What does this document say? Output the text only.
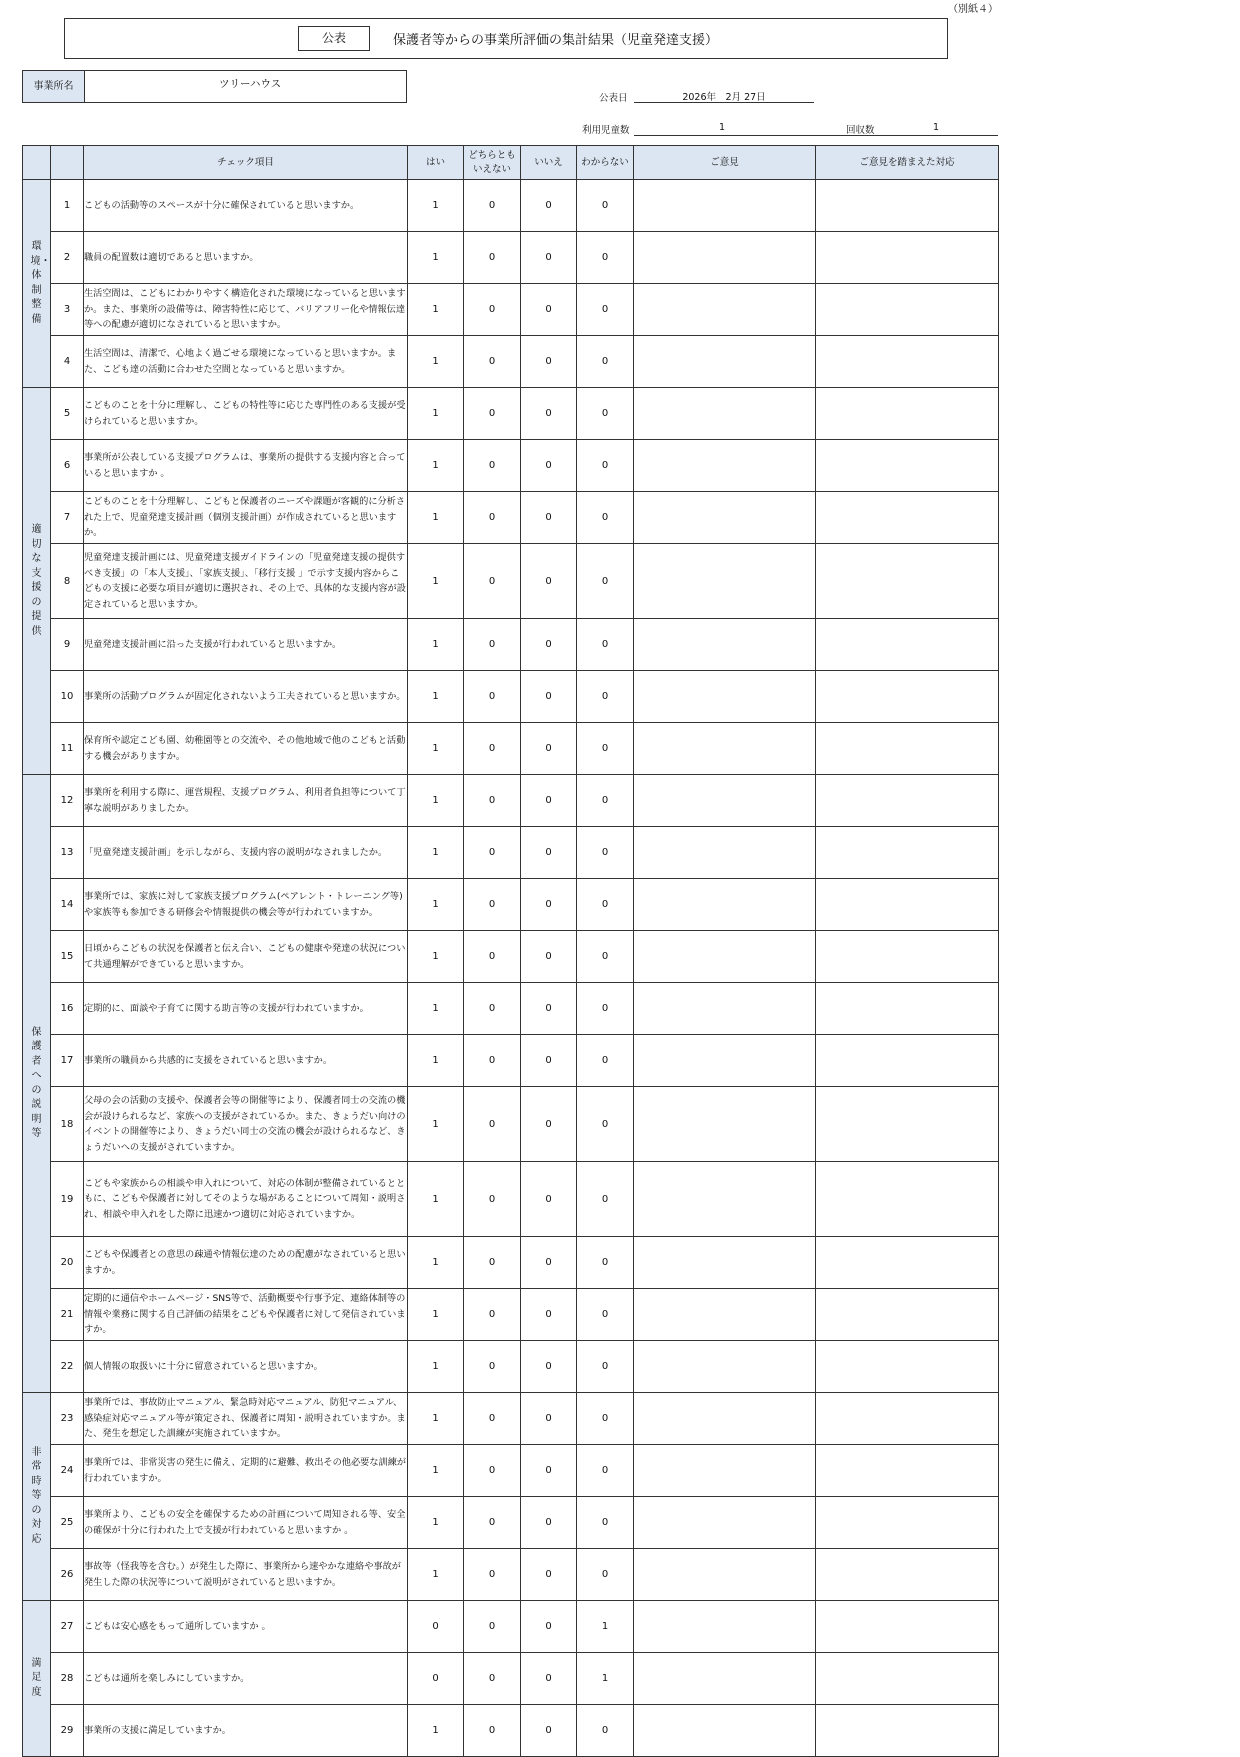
（別紙４）
公表	保護者等からの事業所評価の集計結果（児童発達支援）
事業所名	ツリーハウス
公表日	2026年　2月 27日
利用児童数	1	回収数	1
		チェック項目	はい	どちらとも
いえない	いいえ	わからない	ご意見	ご意見を踏まえた対応
環境・体制整備	1	こどもの活動等のスペースが十分に確保されていると思いますか。	1	0	0	0		
	2	職員の配置数は適切であると思いますか。	1	0	0	0		
	3	生活空間は、こどもにわかりやすく構造化された環境になっていると思いますか。また、事業所の設備等は、障害特性に応じて、バリアフリー化や情報伝達等への配慮が適切になされていると思いますか。	1	0	0	0		
	4	生活空間は、清潔で、心地よく過ごせる環境になっていると思いますか。また、こども達の活動に合わせた空間となっていると思いますか。	1	0	0	0		
適切な支援の提供	5	こどものことを十分に理解し、こどもの特性等に応じた専門性のある支援が受けられていると思いますか。	1	0	0	0		
	6	事業所が公表している支援プログラムは、事業所の提供する支援内容と合っていると思いますか 。	1	0	0	0		
	7	こどものことを十分理解し、こどもと保護者のニーズや課題が客観的に分析された上で、児童発達支援計画（個別支援計画）が作成されていると思いますか。	1	0	0	0		
	8	児童発達支援計画には、児童発達支援ガイドラインの「児童発達支援の提供すべき支援」の「本人支援」、「家族支援」、「移行支援 」で示す支援内容からこどもの支援に必要な項目が適切に選択され、その上で、具体的な支援内容が設定されていると思いますか。	1	0	0	0		
	9	児童発達支援計画に沿った支援が行われていると思いますか。	1	0	0	0		
	10	事業所の活動プログラムが固定化されないよう工夫されていると思いますか。	1	0	0	0		
	11	保育所や認定こども園、幼稚園等との交流や、その他地域で他のこどもと活動する機会がありますか。	1	0	0	0		
保護者への説明等	12	事業所を利用する際に、運営規程、支援プログラム、利用者負担等について丁寧な説明がありましたか。	1	0	0	0		
	13	「児童発達支援計画」を示しながら、支援内容の説明がなされましたか。	1	0	0	0		
	14	事業所では、家族に対して家族支援プログラム(ペアレント・トレーニング等)や家族等も参加できる研修会や情報提供の機会等が行われていますか。	1	0	0	0		
	15	日頃からこどもの状況を保護者と伝え合い、こどもの健康や発達の状況について共通理解ができていると思いますか。	1	0	0	0		
	16	定期的に、面談や子育てに関する助言等の支援が行われていますか。	1	0	0	0		
	17	事業所の職員から共感的に支援をされていると思いますか。	1	0	0	0		
	18	父母の会の活動の支援や、保護者会等の開催等により、保護者同士の交流の機会が設けられるなど、家族への支援がされているか。また、きょうだい向けのイベントの開催等により、きょうだい同士の交流の機会が設けられるなど、きょうだいへの支援がされていますか。	1	0	0	0		
	19	こどもや家族からの相談や申入れについて、対応の体制が整備されているとともに、こどもや保護者に対してそのような場があることについて周知・説明され、相談や申入れをした際に迅速かつ適切に対応されていますか。	1	0	0	0		
	20	こどもや保護者との意思の疎通や情報伝達のための配慮がなされていると思いますか。	1	0	0	0		
	21	定期的に通信やホームページ・SNS等で、活動概要や行事予定、連絡体制等の情報や業務に関する自己評価の結果をこどもや保護者に対して発信されていますか。	1	0	0	0		
	22	個人情報の取扱いに十分に留意されていると思いますか。	1	0	0	0		
非常時等の対応	23	事業所では、事故防止マニュアル、緊急時対応マニュアル、防犯マニュアル、感染症対応マニュアル等が策定され、保護者に周知・説明されていますか。また、発生を想定した訓練が実施されていますか。	1	0	0	0		
	24	事業所では、非常災害の発生に備え、定期的に避難、救出その他必要な訓練が行われていますか。	1	0	0	0		
	25	事業所より、こどもの安全を確保するための計画について周知される等、安全の確保が十分に行われた上で支援が行われていると思いますか 。	1	0	0	0		
	26	事故等（怪我等を含む。）が発生した際に、事業所から速やかな連絡や事故が発生した際の状況等について説明がされていると思いますか。	1	0	0	0		
満足度	27	こどもは安心感をもって通所していますか 。	0	0	0	1		
	28	こどもは通所を楽しみにしていますか。	0	0	0	1		
	29	事業所の支援に満足していますか。	1	0	0	0		
